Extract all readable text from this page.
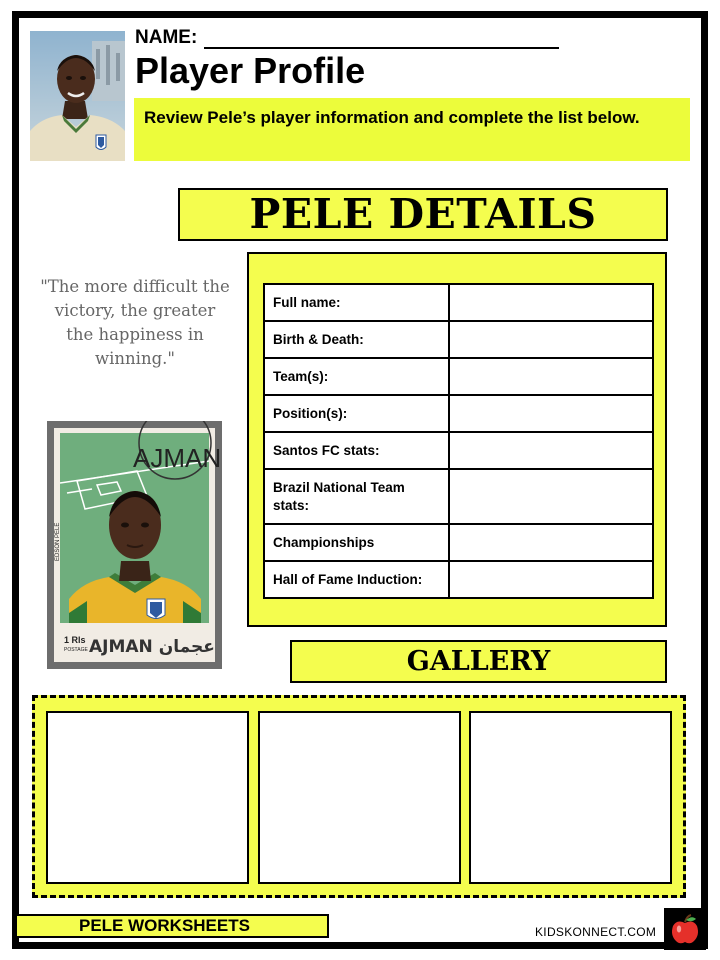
NAME:
Player Profile
Review Pele’s player information and complete the list below.
PELE DETAILS
"The more difficult the victory, the greater the happiness in winning."
AJMAN
EDSON PELE
1 Rls
POSTAGE AJMAN عجمان
Full name:	
Birth & Death:	
Team(s):	
Position(s):	
Santos FC stats:	
Brazil National Team stats:	
Championships	
Hall of Fame Induction:	
GALLERY
PELE WORKSHEETS	KIDSKONNECT.COM
